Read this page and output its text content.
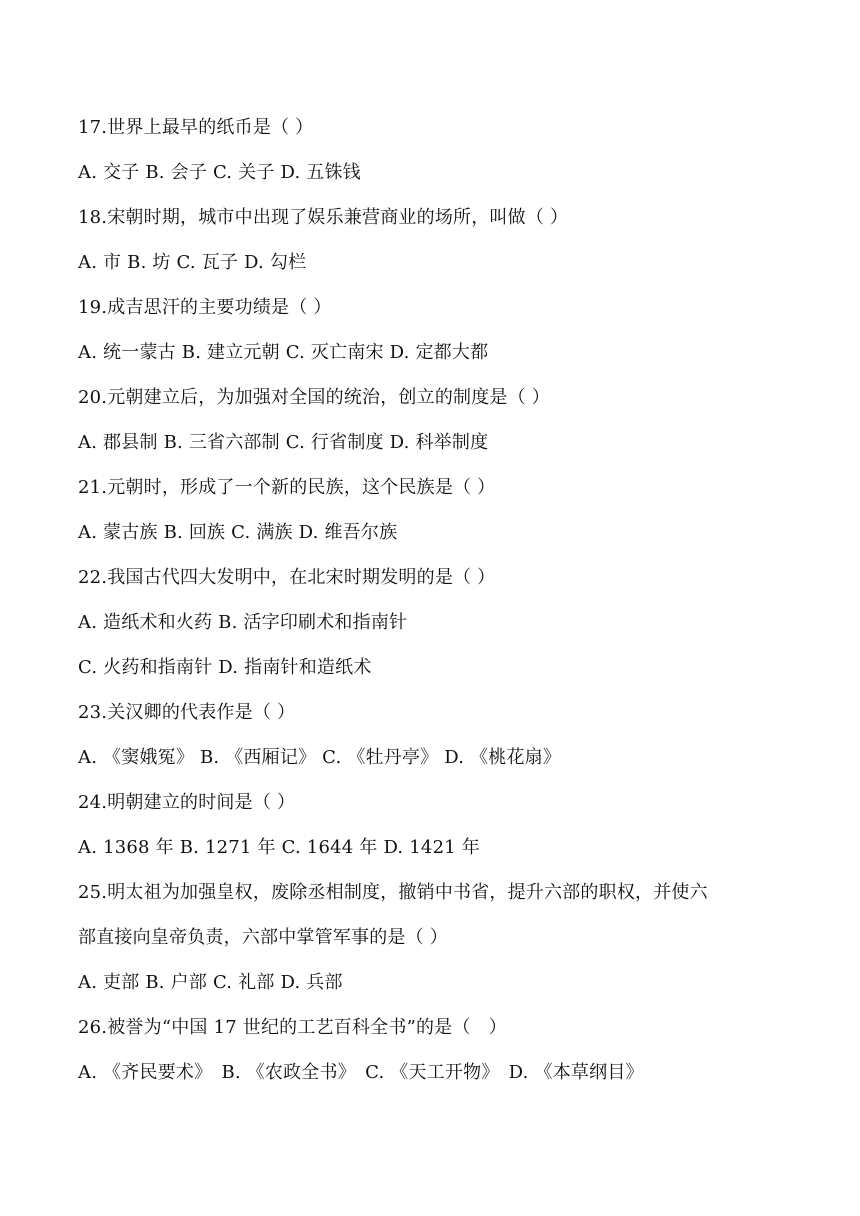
17.世界上最早的纸币是（ ）
A. 交子 B. 会子 C. 关子 D. 五铢钱
18.宋朝时期，城市中出现了娱乐兼营商业的场所，叫做（ ）
A. 市 B. 坊 C. 瓦子 D. 勾栏
19.成吉思汗的主要功绩是（ ）
A. 统一蒙古 B. 建立元朝 C. 灭亡南宋 D. 定都大都
20.元朝建立后，为加强对全国的统治，创立的制度是（ ）
A. 郡县制 B. 三省六部制 C. 行省制度 D. 科举制度
21.元朝时，形成了一个新的民族，这个民族是（ ）
A. 蒙古族 B. 回族 C. 满族 D. 维吾尔族
22.我国古代四大发明中，在北宋时期发明的是（ ）
A. 造纸术和火药 B. 活字印刷术和指南针
C. 火药和指南针 D. 指南针和造纸术
23.关汉卿的代表作是（ ）
A. 《窦娥冤》 B. 《西厢记》 C. 《牡丹亭》 D. 《桃花扇》
24.明朝建立的时间是（ ）
A. 1368 年 B. 1271 年 C. 1644 年 D. 1421 年
25.明太祖为加强皇权，废除丞相制度，撤销中书省，提升六部的职权，并使六
部直接向皇帝负责，六部中掌管军事的是（ ）
A. 吏部 B. 户部 C. 礼部 D. 兵部
26.被誉为“中国 17 世纪的工艺百科全书”的是（　）
A. 《齐民要术》　B. 《农政全书》　C. 《天工开物》　D. 《本草纲目》
